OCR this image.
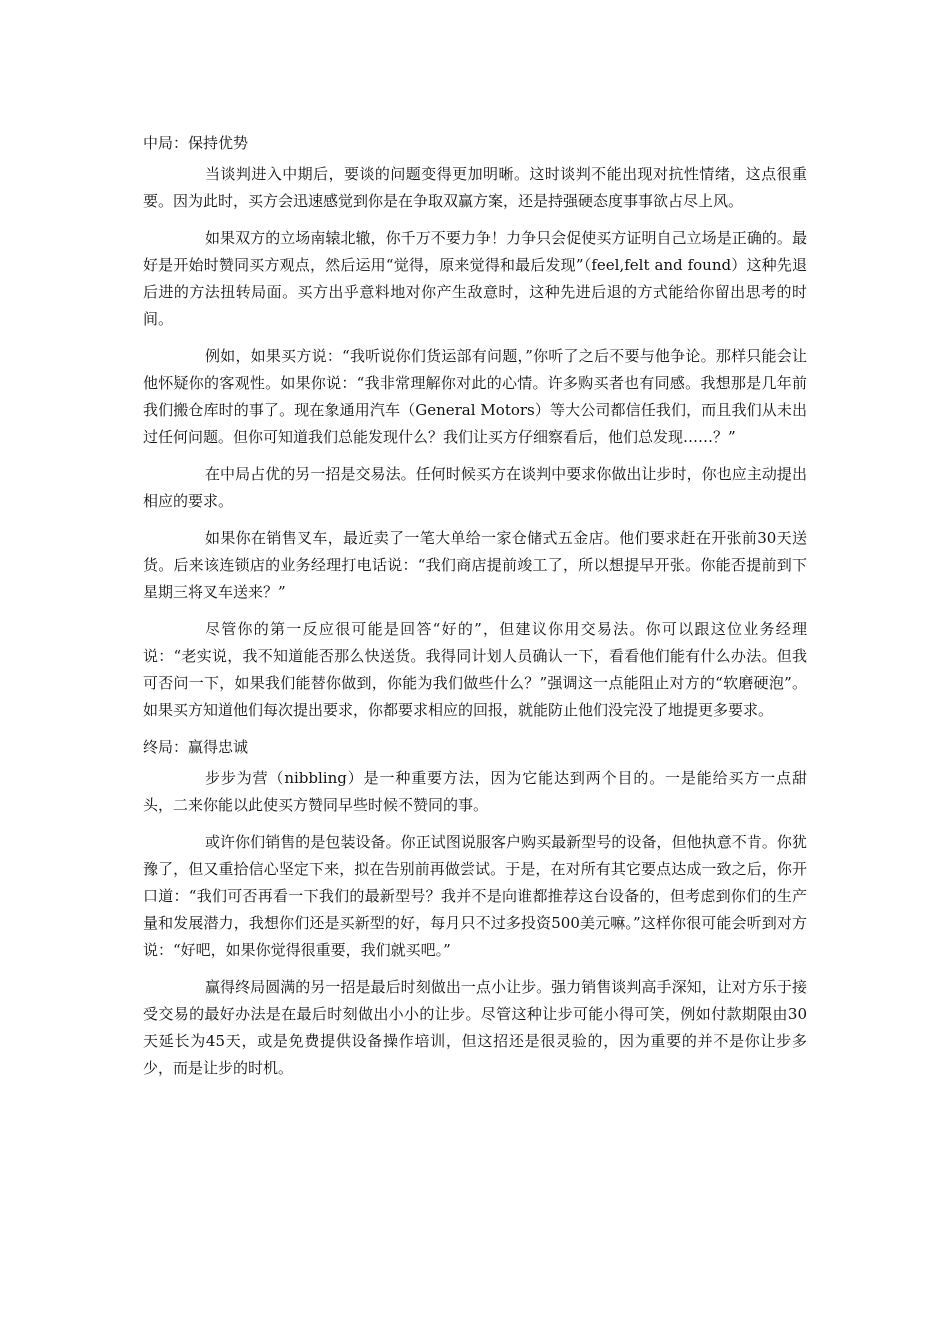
中局：保持优势

当谈判进入中期后，要谈的问题变得更加明晰。这时谈判不能出现对抗性情绪，这点很重要。因为此时，买方会迅速感觉到你是在争取双赢方案，还是持强硬态度事事欲占尽上风。

如果双方的立场南辕北辙，你千万不要力争！力争只会促使买方证明自己立场是正确的。最好是开始时赞同买方观点，然后运用“觉得，原来觉得和最后发现”（feel,felt and found）这种先退后进的方法扭转局面。买方出乎意料地对你产生敌意时，这种先进后退的方式能给你留出思考的时间。

例如，如果买方说：“我听说你们货运部有问题，”你听了之后不要与他争论。那样只能会让他怀疑你的客观性。如果你说：“我非常理解你对此的心情。许多购买者也有同感。我想那是几年前我们搬仓库时的事了。现在象通用汽车（General Motors）等大公司都信任我们，而且我们从未出过任何问题。但你可知道我们总能发现什么？我们让买方仔细察看后，他们总发现……？”

在中局占优的另一招是交易法。任何时候买方在谈判中要求你做出让步时，你也应主动提出相应的要求。

如果你在销售叉车，最近卖了一笔大单给一家仓储式五金店。他们要求赶在开张前30天送货。后来该连锁店的业务经理打电话说：“我们商店提前竣工了，所以想提早开张。你能否提前到下星期三将叉车送来？”

尽管你的第一反应很可能是回答“好的”，但建议你用交易法。你可以跟这位业务经理说：“老实说，我不知道能否那么快送货。我得同计划人员确认一下，看看他们能有什么办法。但我可否问一下，如果我们能替你做到，你能为我们做些什么？”强调这一点能阻止对方的“软磨硬泡”。如果买方知道他们每次提出要求，你都要求相应的回报，就能防止他们没完没了地提更多要求。

终局：赢得忠诚

步步为营（nibbling）是一种重要方法，因为它能达到两个目的。一是能给买方一点甜头，二来你能以此使买方赞同早些时候不赞同的事。

或许你们销售的是包装设备。你正试图说服客户购买最新型号的设备，但他执意不肯。你犹豫了，但又重拾信心坚定下来，拟在告别前再做尝试。于是，在对所有其它要点达成一致之后，你开口道：“我们可否再看一下我们的最新型号？我并不是向谁都推荐这台设备的，但考虑到你们的生产量和发展潜力，我想你们还是买新型的好，每月只不过多投资500美元嘛。”这样你很可能会听到对方说：“好吧，如果你觉得很重要，我们就买吧。”

赢得终局圆满的另一招是最后时刻做出一点小让步。强力销售谈判高手深知，让对方乐于接受交易的最好办法是在最后时刻做出小小的让步。尽管这种让步可能小得可笑，例如付款期限由30天延长为45天，或是免费提供设备操作培训，但这招还是很灵验的，因为重要的并不是你让步多少，而是让步的时机。
